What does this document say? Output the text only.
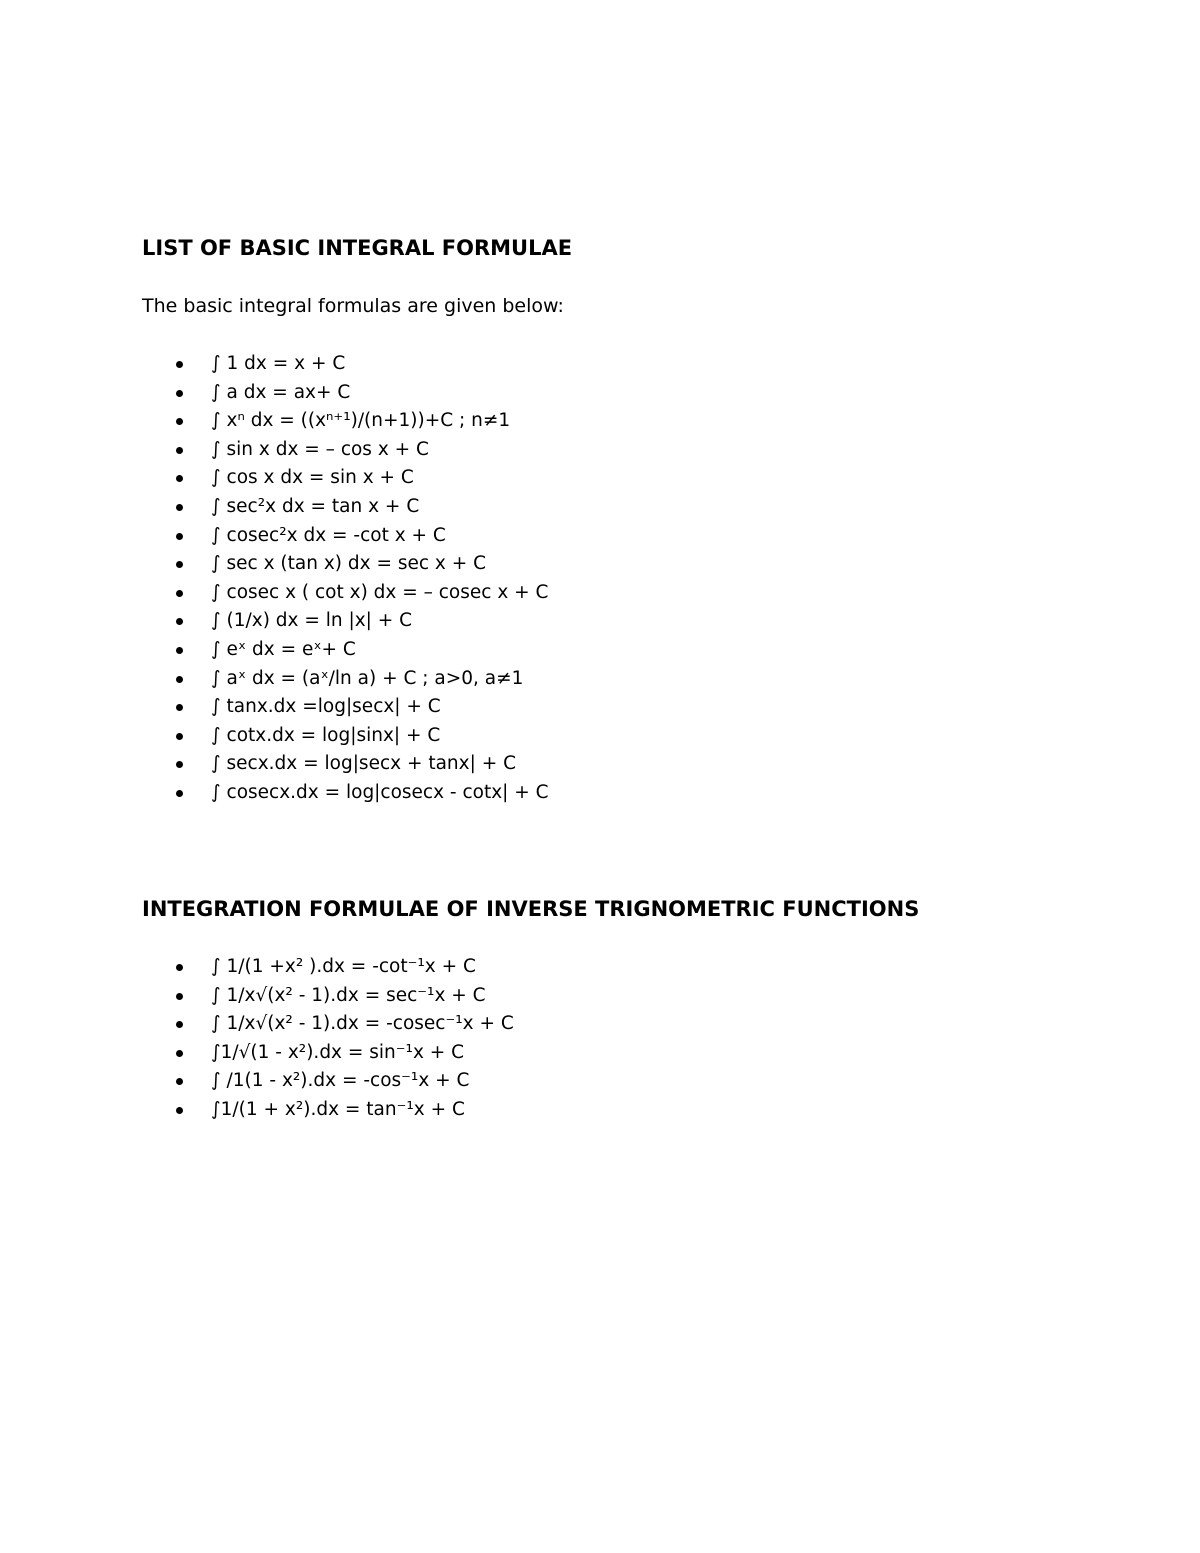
LIST OF BASIC INTEGRAL FORMULAE

The basic integral formulas are given below:

∫ 1 dx = x + C
∫ a dx = ax+ C
∫ xⁿ dx = ((xⁿ⁺¹)/(n+1))+C ; n≠1
∫ sin x dx = – cos x + C
∫ cos x dx = sin x + C
∫ sec²x dx = tan x + C
∫ cosec²x dx = -cot x + C
∫ sec x (tan x) dx = sec x + C
∫ cosec x ( cot x) dx = – cosec x + C
∫ (1/x) dx = ln |x| + C
∫ eˣ dx = eˣ+ C
∫ aˣ dx = (aˣ/ln a) + C ; a>0, a≠1
∫ tanx.dx =log|secx| + C
∫ cotx.dx = log|sinx| + C
∫ secx.dx = log|secx + tanx| + C
∫ cosecx.dx = log|cosecx - cotx| + C
INTEGRATION FORMULAE OF INVERSE TRIGNOMETRIC FUNCTIONS
∫ 1/(1 +x² ).dx = -cot⁻¹x + C
∫ 1/x√(x² - 1).dx = sec⁻¹x + C
∫ 1/x√(x² - 1).dx = -cosec⁻¹x + C
∫1/√(1 - x²).dx = sin⁻¹x + C
∫ /1(1 - x²).dx = -cos⁻¹x + C
∫1/(1 + x²).dx = tan⁻¹x + C
